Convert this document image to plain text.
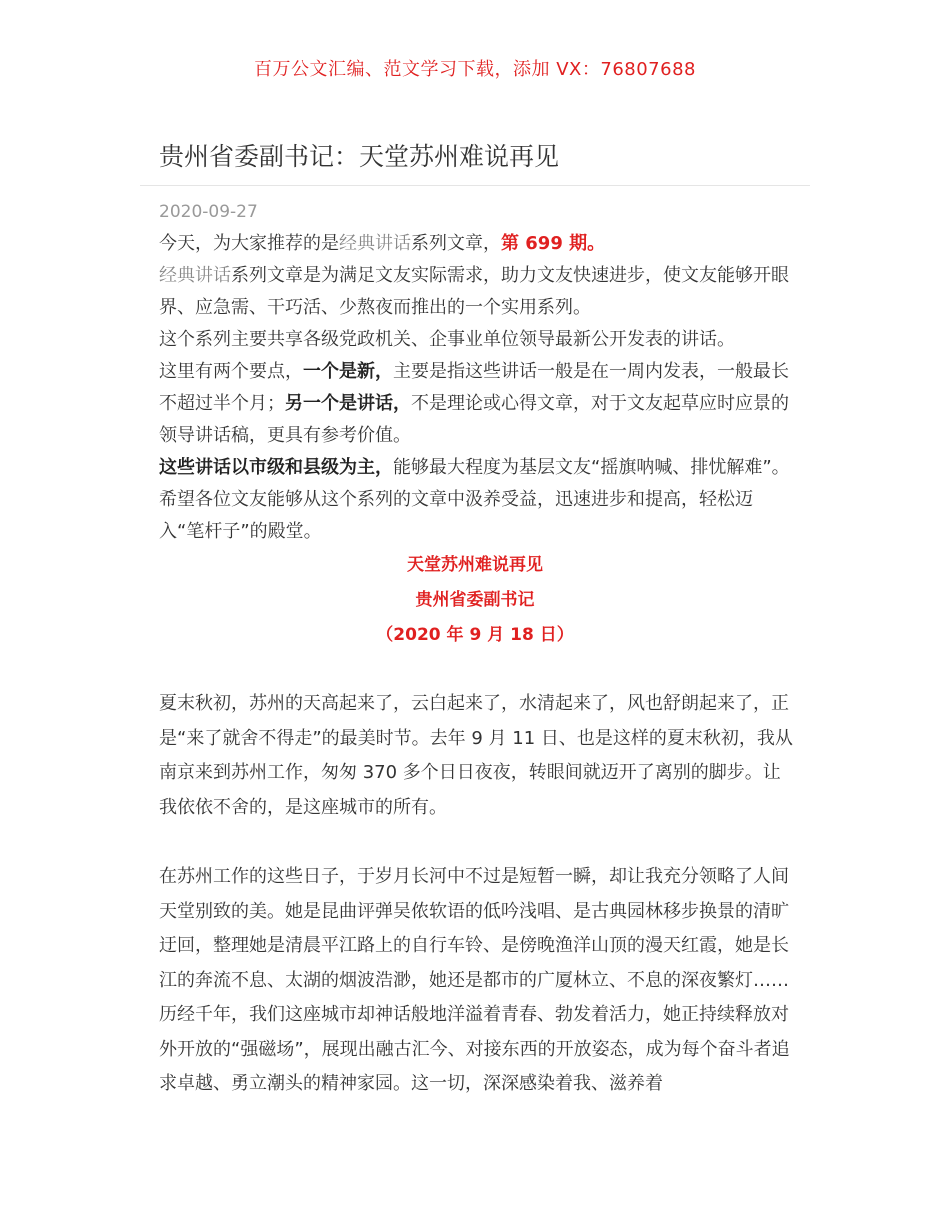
百万公文汇编、范文学习下载，添加 VX：76807688
贵州省委副书记：天堂苏州难说再见
2020-09-27

今天，为大家推荐的是经典讲话系列文章，第 699 期。

经典讲话系列文章是为满足文友实际需求，助力文友快速进步，使文友能够开眼界、应急需、干巧活、少熬夜而推出的一个实用系列。

这个系列主要共享各级党政机关、企事业单位领导最新公开发表的讲话。

这里有两个要点，一个是新，主要是指这些讲话一般是在一周内发表，一般最长不超过半个月；另一个是讲话，不是理论或心得文章，对于文友起草应时应景的领导讲话稿，更具有参考价值。

这些讲话以市级和县级为主，能够最大程度为基层文友“摇旗呐喊、排忧解难”。希望各位文友能够从这个系列的文章中汲养受益，迅速进步和提高，轻松迈入“笔杆子”的殿堂。

天堂苏州难说再见
贵州省委副书记
（2020 年 9 月 18 日）

夏末秋初，苏州的天高起来了，云白起来了，水清起来了，风也舒朗起来了，正是“来了就舍不得走”的最美时节。去年 9 月 11 日、也是这样的夏末秋初，我从南京来到苏州工作，匆匆 370 多个日日夜夜，转眼间就迈开了离别的脚步。让我依依不舍的，是这座城市的所有。

在苏州工作的这些日子，于岁月长河中不过是短暂一瞬，却让我充分领略了人间天堂别致的美。她是昆曲评弹吴侬软语的低吟浅唱、是古典园林移步换景的清旷迂回，整理她是清晨平江路上的自行车铃、是傍晚渔洋山顶的漫天红霞，她是长江的奔流不息、太湖的烟波浩渺，她还是都市的广厦林立、不息的深夜繁灯……历经千年，我们这座城市却神话般地洋溢着青春、勃发着活力，她正持续释放对外开放的“强磁场”，展现出融古汇今、对接东西的开放姿态，成为每个奋斗者追求卓越、勇立潮头的精神家园。这一切，深深感染着我、滋养着
